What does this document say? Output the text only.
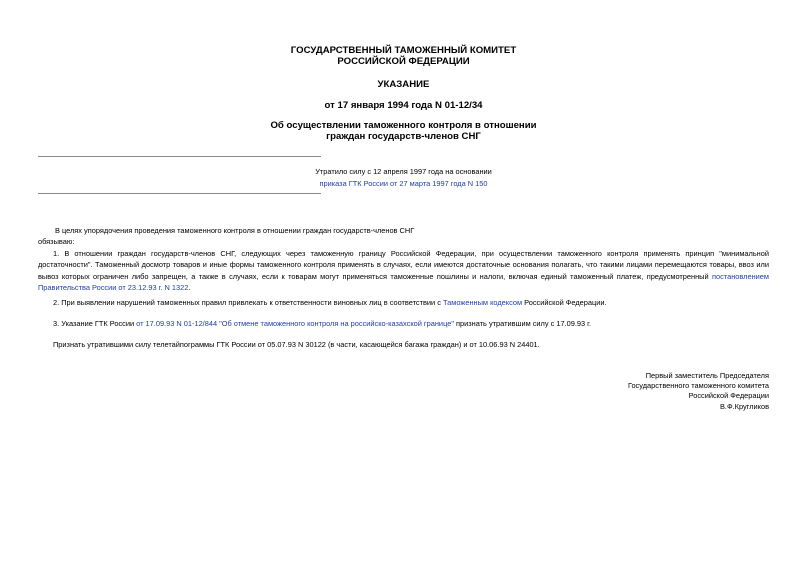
ГОСУДАРСТВЕННЫЙ ТАМОЖЕННЫЙ КОМИТЕТ
РОССИЙСКОЙ ФЕДЕРАЦИИ
УКАЗАНИЕ
от 17 января 1994 года N 01-12/34
Об осуществлении таможенного контроля в отношении
граждан государств-членов СНГ
Утратило силу с 12 апреля 1997 года на основании
приказа ГТК России от 27 марта 1997 года N 150
В целях упорядочения проведения таможенного контроля в отношении граждан государств-членов СНГ
обязываю:
1. В отношении граждан государств-членов СНГ, следующих через таможенную границу Российской Федерации, при осуществлении таможенного контроля применять принцип "минимальной достаточности". Таможенный досмотр товаров и иные формы таможенного контроля применять в случаях, если имеются достаточные основания полагать, что такими лицами перемещаются товары, ввоз или вывоз которых ограничен либо запрещен, а также в случаях, если к товарам могут применяться таможенные пошлины и налоги, включая единый таможенный платеж, предусмотренный постановлением Правительства России от 23.12.93 г. N 1322.
2. При выявлении нарушений таможенных правил привлекать к ответственности виновных лиц в соответствии с Таможенным кодексом Российской Федерации.
3. Указание ГТК России от 17.09.93 N 01-12/844 "Об отмене таможенного контроля на российско-казахской границе" признать утратившим силу с 17.09.93 г.
Признать утратившими силу телетайпограммы ГТК России от 05.07.93 N 30122 (в части, касающейся багажа граждан) и от 10.06.93 N 24401.
Первый заместитель Председателя
Государственного таможенного комитета
Российской Федерации
В.Ф.Кругликов
